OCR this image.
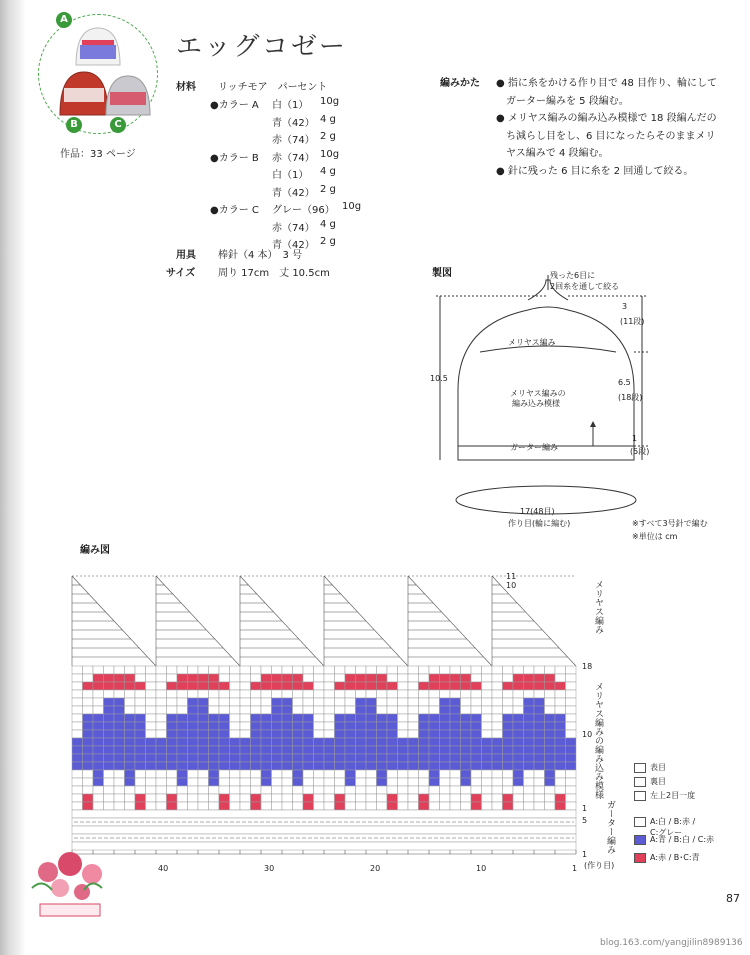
A
B	C
作品：33 ページ
エッグコゼー
材料 リッチモア　パーセント
●カラー A 白（1） 10g
青（42） 4 g
赤（74） 2 g
●カラー B 赤（74） 10g
白（1） 4 g
青（42） 2 g
●カラー C グレー（96） 10g
赤（74） 4 g
青（42） 2 g
用具 棒針（4 本）　3 号
サイズ 周り 17cm　丈 10.5cm
編みかた ● 指に糸をかける作り目で 48 目作り、輪にして
　ガーター編みを 5 段編む。
● メリヤス編みの編み込み模様で 18 段編んだの
　ち減らし目をし、6 目になったらそのままメリ
　ヤス編みで 4 段編む。
● 針に残った 6 目に糸を 2 回通して絞る。
製図	残った6目に
2回糸を通して絞る
メリヤス編み
メリヤス編みの
編み込み模様
ガーター編み
10.5
3
(11段)
6.5
(18段)
1
(5段)
17(48目)
作り目(輪に編む)	※すべて3号針で編む
※単位は cm
編み図
40	30	20	10	1
11
10
18
10
1
5
1
(作り目)
メリヤス編み
メリヤス編みの編み込み模様
ガーター編み
表目
裏目
左上2目一度
A:白 / B:赤 /
C:グレー
A:青 / B:白 / C:赤
A:赤 / B･C:青
87
blog.163.com/yangjilin8989136
